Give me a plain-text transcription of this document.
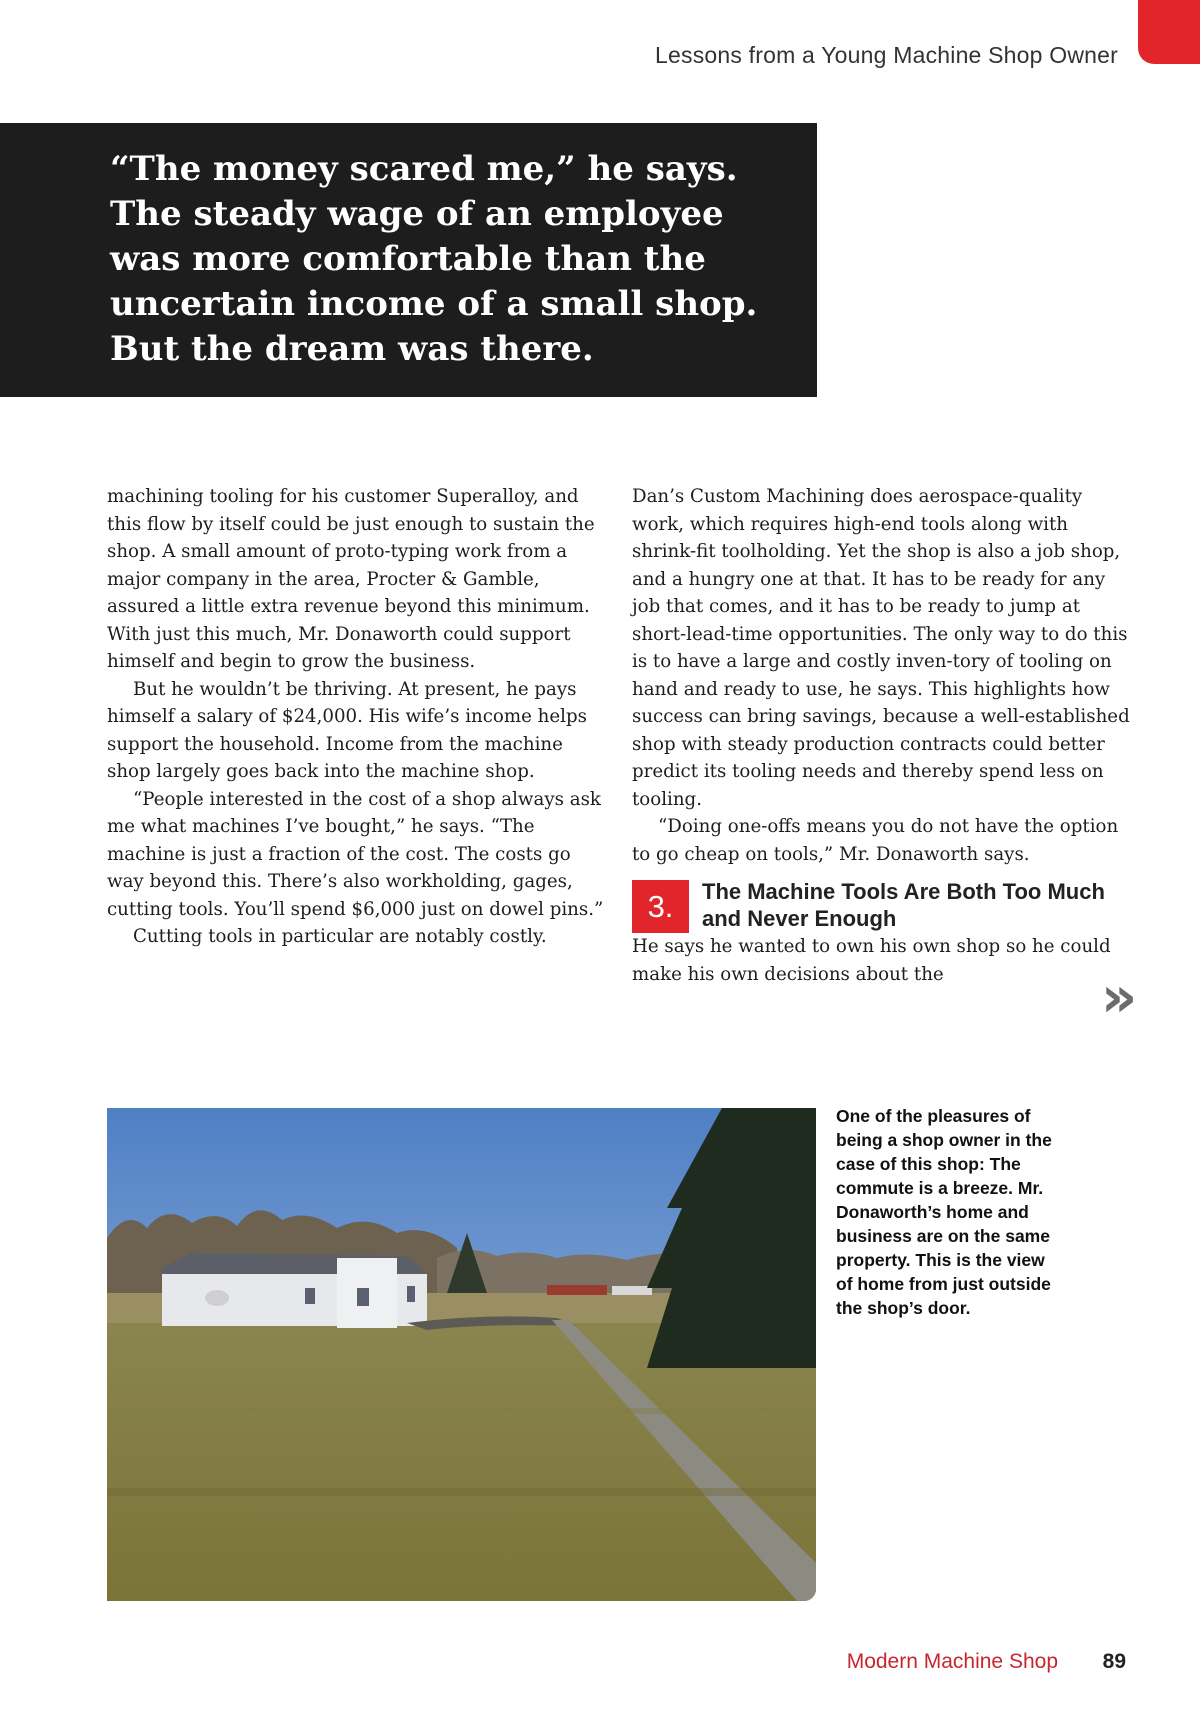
Lessons from a Young Machine Shop Owner

“The money scared me,” he says. The steady wage of an employee was more comfortable than the uncertain income of a small shop. But the dream was there.

machining tooling for his customer Superalloy, and this flow by itself could be just enough to sustain the shop. A small amount of proto-typing work from a major company in the area, Procter & Gamble, assured a little extra revenue beyond this minimum. With just this much, Mr. Donaworth could support himself and begin to grow the business.

But he wouldn’t be thriving. At present, he pays himself a salary of $24,000. His wife’s income helps support the household. Income from the machine shop largely goes back into the machine shop.

“People interested in the cost of a shop always ask me what machines I’ve bought,” he says. “The machine is just a fraction of the cost. The costs go way beyond this. There’s also workholding, gages, cutting tools. You’ll spend $6,000 just on dowel pins.”

Cutting tools in particular are notably costly.

Dan’s Custom Machining does aerospace-quality work, which requires high-end tools along with shrink-fit toolholding. Yet the shop is also a job shop, and a hungry one at that. It has to be ready for any job that comes, and it has to be ready to jump at short-lead-time opportunities. The only way to do this is to have a large and costly inven-tory of tooling on hand and ready to use, he says. This highlights how success can bring savings, because a well-established shop with steady production contracts could better predict its tooling needs and thereby spend less on tooling.

“Doing one-offs means you do not have the option to go cheap on tools,” Mr. Donaworth says.

3.	The Machine Tools Are Both Too Much and Never Enough

He says he wanted to own his own shop so he could make his own decisions about the	»
One of the pleasures of being a shop owner in the case of this shop: The commute is a breeze. Mr. Donaworth’s home and business are on the same property. This is the view of home from just outside the shop’s door.
Modern Machine Shop 89
